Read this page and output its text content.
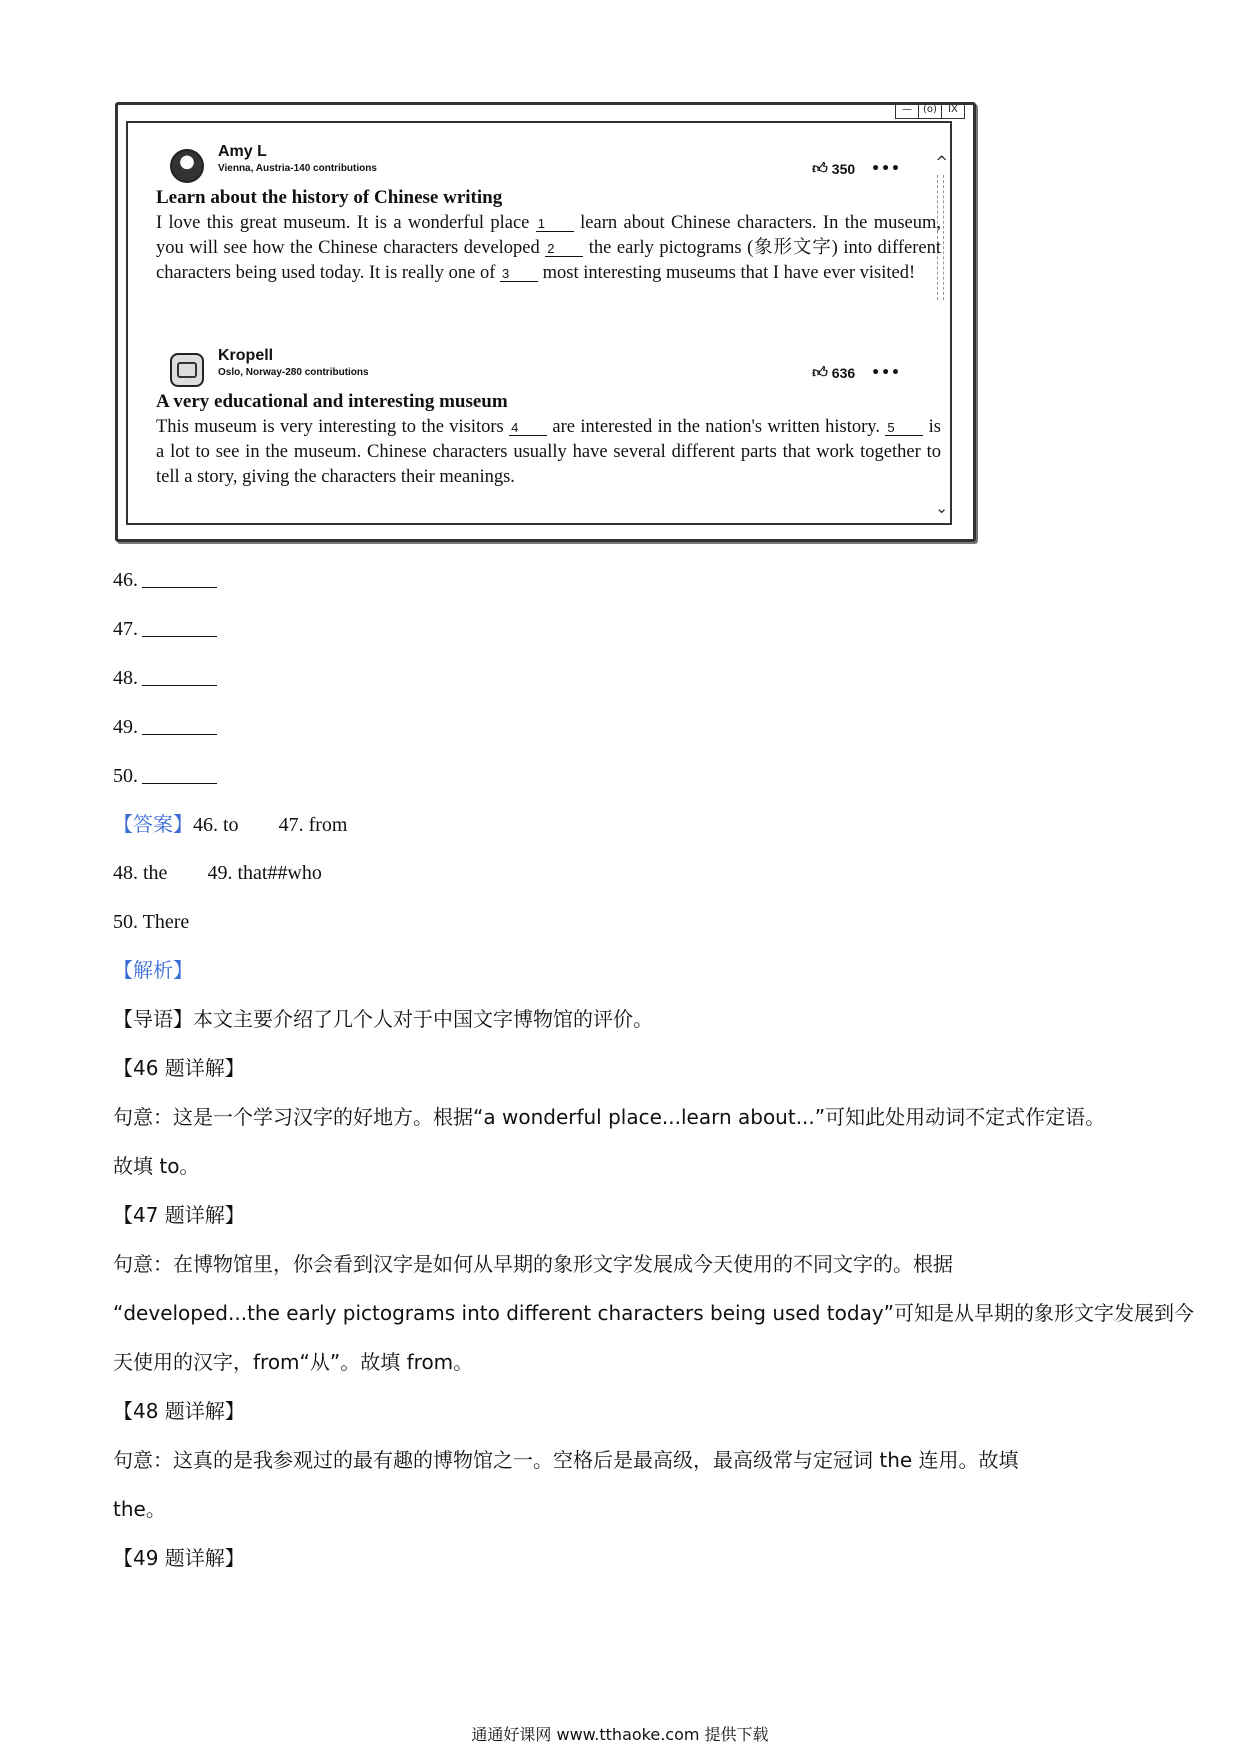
—	(o)	IX
^
⌄
Amy L
Vienna, Austria-140 contributions	👍︎ 350 •••
Learn about the history of Chinese writing
I love this great museum. It is a wonderful place 1 learn about Chinese characters. In the museum, you will see how the Chinese characters developed 2 the early pictograms (象形文字) into different characters being used today. It is really one of 3 most interesting museums that I have ever visited!
Kropell
Oslo, Norway-280 contributions	👍︎ 636 •••
A very educational and interesting museum
This museum is very interesting to the visitors 4 are interested in the nation's written history. 5 is a lot to see in the museum. Chinese characters usually have several different parts that work together to tell a story, giving the characters their meanings.
46.
47.
48.
49.
50.
【答案】46. to 47. from
48. the 49. that##who
50. There
【解析】
【导语】本文主要介绍了几个人对于中国文字博物馆的评价。
【46 题详解】
句意：这是一个学习汉字的好地方。根据“a wonderful place...learn about...”可知此处用动词不定式作定语。
故填 to。
【47 题详解】
句意：在博物馆里，你会看到汉字是如何从早期的象形文字发展成今天使用的不同文字的。根据
“developed...the early pictograms into different characters being used today”可知是从早期的象形文字发展到今
天使用的汉字，from“从”。故填 from。
【48 题详解】
句意：这真的是我参观过的最有趣的博物馆之一。空格后是最高级，最高级常与定冠词 the 连用。故填
the。
【49 题详解】
通通好课网 www.tthaoke.com 提供下载
